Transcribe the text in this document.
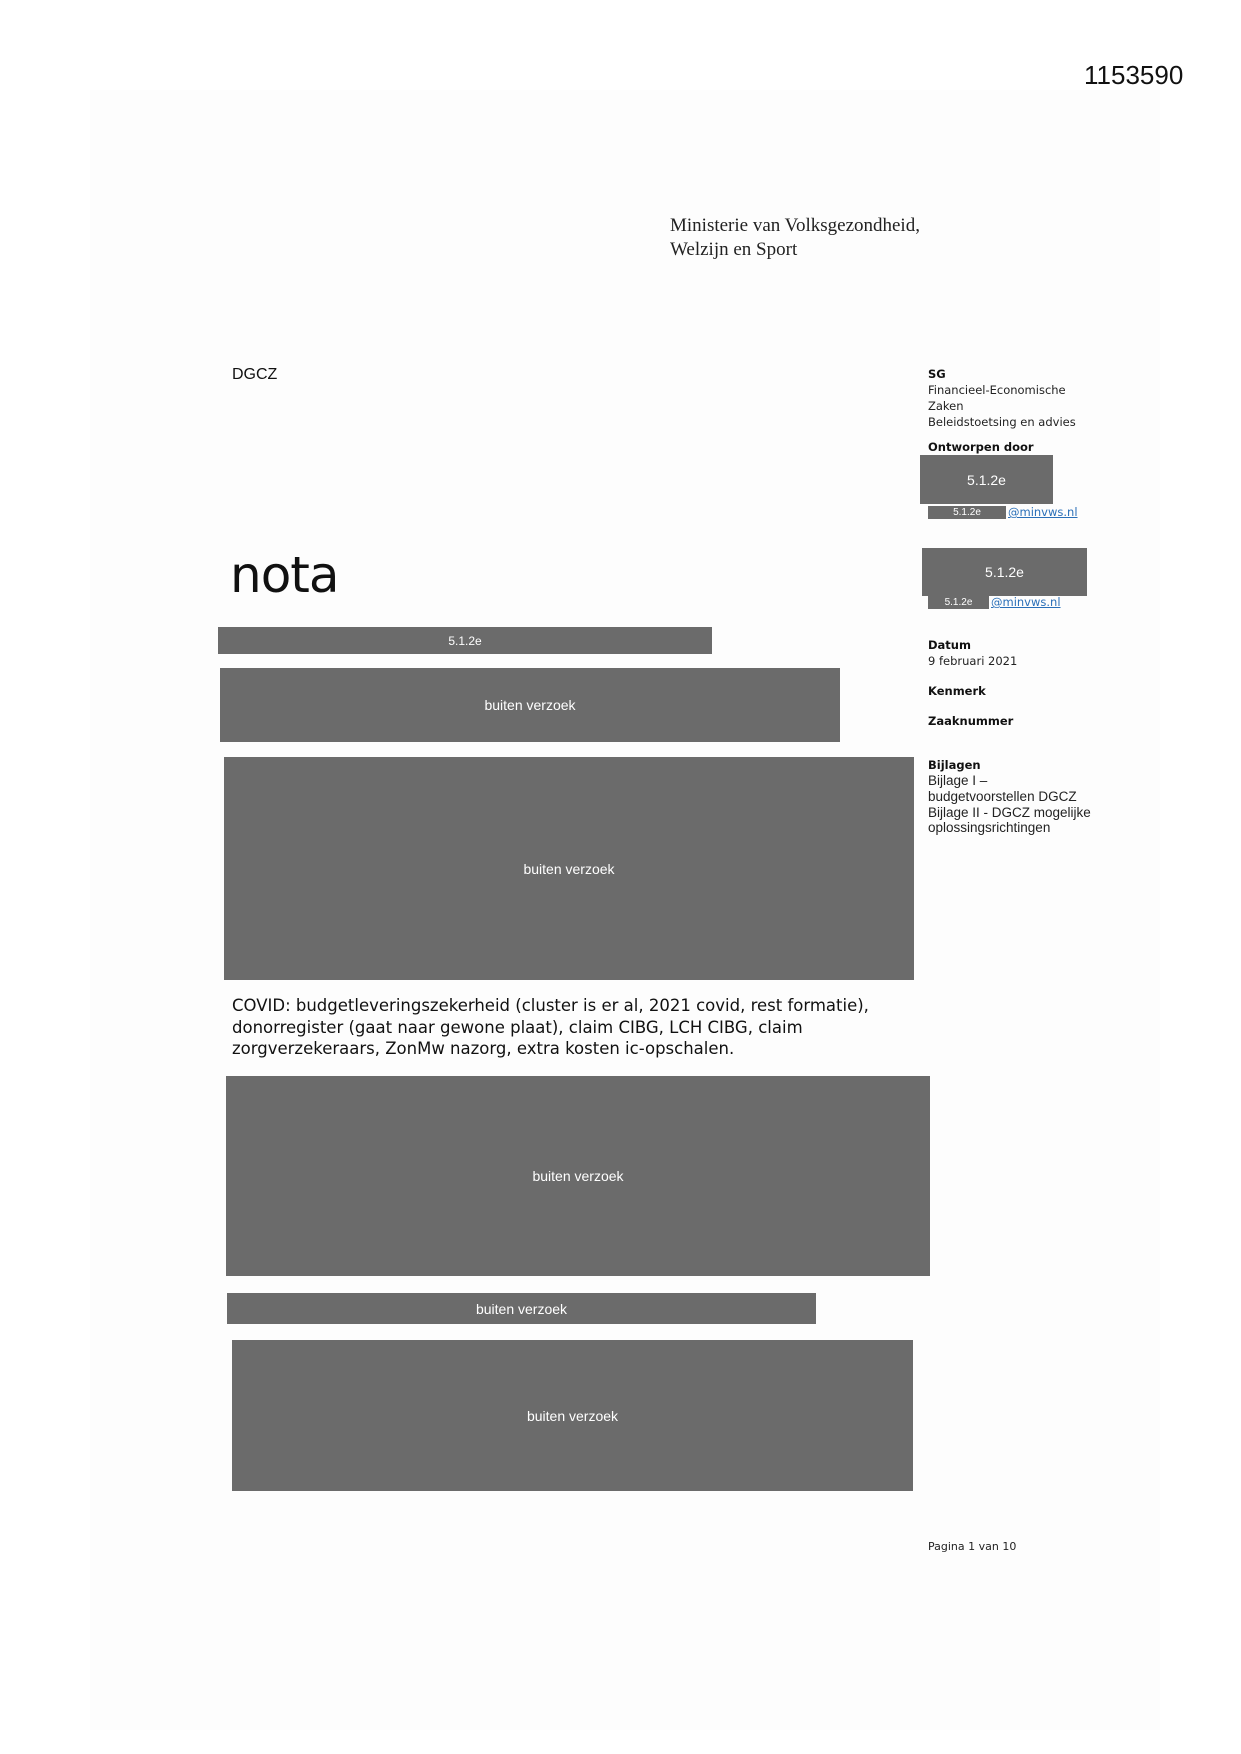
1153590
Ministerie van Volksgezondheid,
Welzijn en Sport
DGCZ
nota
SG
Financieel-Economische
Zaken
Beleidstoetsing en advies
Ontworpen door
5.1.2e
5.1.2e	@minvws.nl
5.1.2e
5.1.2e	@minvws.nl
Datum
9 februari 2021
Kenmerk
Zaaknummer
Bijlagen
Bijlage I –
budgetvoorstellen DGCZ
Bijlage II - DGCZ mogelijke
oplossingsrichtingen
5.1.2e
buiten verzoek
buiten verzoek
COVID: budgetleveringszekerheid (cluster is er al, 2021 covid, rest formatie), donorregister (gaat naar gewone plaat), claim CIBG, LCH CIBG, claim zorgverzekeraars, ZonMw nazorg, extra kosten ic-opschalen.
buiten verzoek
buiten verzoek
buiten verzoek
Pagina 1 van 10
